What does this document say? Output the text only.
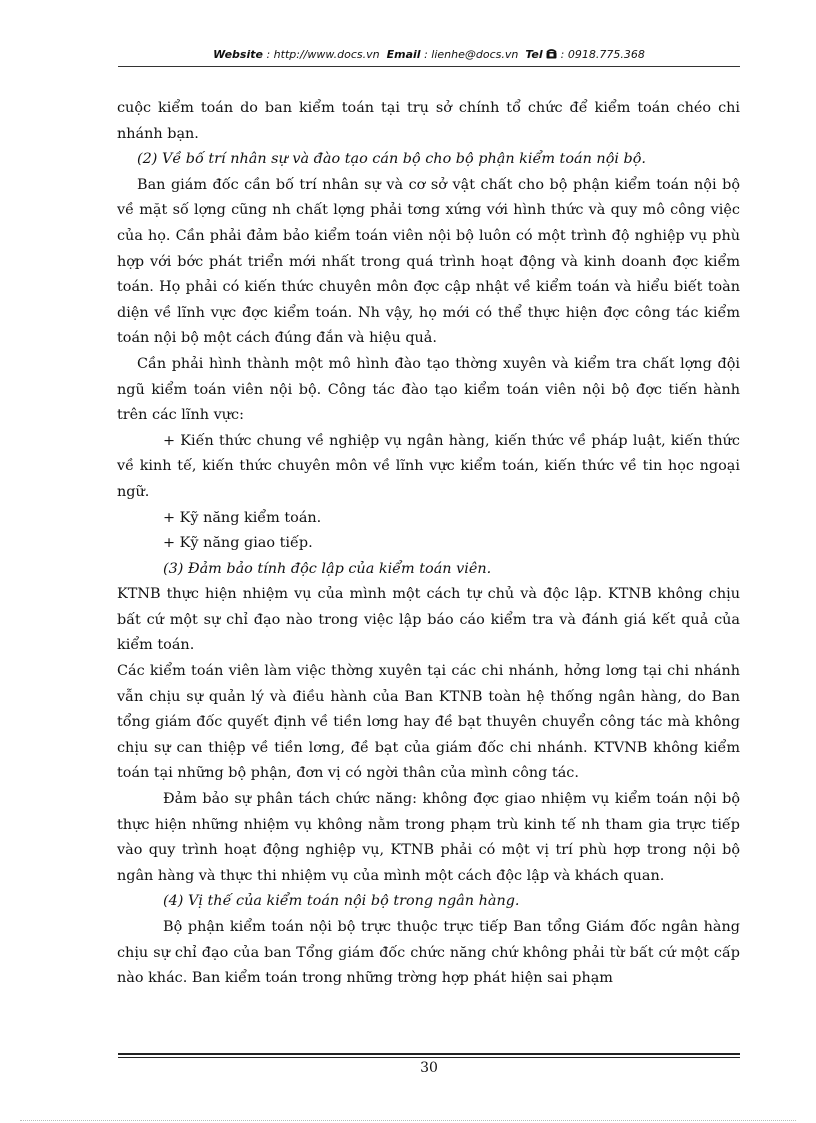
Website : http://www.docs.vn Email : lienhe@docs.vn Tel : 0918.775.368

cuộc kiểm toán do ban kiểm toán tại trụ sở chính tổ chức để kiểm toán chéo chi nhánh bạn.

(2) Về bố trí nhân sự và đào tạo cán bộ cho bộ phận kiểm toán nội bộ.

Ban giám đốc cần bố trí nhân sự và cơ sở vật chất cho bộ phận kiểm toán nội bộ về mặt số lợng cũng nh chất lợng phải tơng xứng với hình thức và quy mô công việc của họ. Cần phải đảm bảo kiểm toán viên nội bộ luôn có một trình độ nghiệp vụ phù hợp với bớc phát triển mới nhất trong quá trình hoạt động và kinh doanh đợc kiểm toán. Họ phải có kiến thức chuyên môn đợc cập nhật về kiểm toán và hiểu biết toàn diện về lĩnh vực đợc kiểm toán. Nh vậy, họ mới có thể thực hiện đợc công tác kiểm toán nội bộ một cách đúng đắn và hiệu quả.

Cần phải hình thành một mô hình đào tạo thờng xuyên và kiểm tra chất lợng đội ngũ kiểm toán viên nội bộ. Công tác đào tạo kiểm toán viên nội bộ đợc tiến hành trên các lĩnh vực:

+ Kiến thức chung về nghiệp vụ ngân hàng, kiến thức về pháp luật, kiến thức về kinh tế, kiến thức chuyên môn về lĩnh vực kiểm toán, kiến thức về tin học ngoại ngữ.

+ Kỹ năng kiểm toán.

+ Kỹ năng giao tiếp.

(3) Đảm bảo tính độc lập của kiểm toán viên.

KTNB thực hiện nhiệm vụ của mình một cách tự chủ và độc lập. KTNB không chịu bất cứ một sự chỉ đạo nào trong việc lập báo cáo kiểm tra và đánh giá kết quả của kiểm toán.

Các kiểm toán viên làm việc thờng xuyên tại các chi nhánh, hởng lơng tại chi nhánh vẫn chịu sự quản lý và điều hành của Ban KTNB toàn hệ thống ngân hàng, do Ban tổng giám đốc quyết định về tiền lơng hay đề bạt thuyên chuyển công tác mà không chịu sự can thiệp về tiền lơng, đề bạt của giám đốc chi nhánh. KTVNB không kiểm toán tại những bộ phận, đơn vị có ngời thân của mình công tác.

Đảm bảo sự phân tách chức năng: không đợc giao nhiệm vụ kiểm toán nội bộ thực hiện những nhiệm vụ không nằm trong phạm trù kinh tế nh tham gia trực tiếp vào quy trình hoạt động nghiệp vụ, KTNB phải có một vị trí phù hợp trong nội bộ ngân hàng và thực thi nhiệm vụ của mình một cách độc lập và khách quan.

(4) Vị thế của kiểm toán nội bộ trong ngân hàng.

Bộ phận kiểm toán nội bộ trực thuộc trực tiếp Ban tổng Giám đốc ngân hàng chịu sự chỉ đạo của ban Tổng giám đốc chức năng chứ không phải từ bất cứ một cấp nào khác. Ban kiểm toán trong những trờng hợp phát hiện sai phạm

30
